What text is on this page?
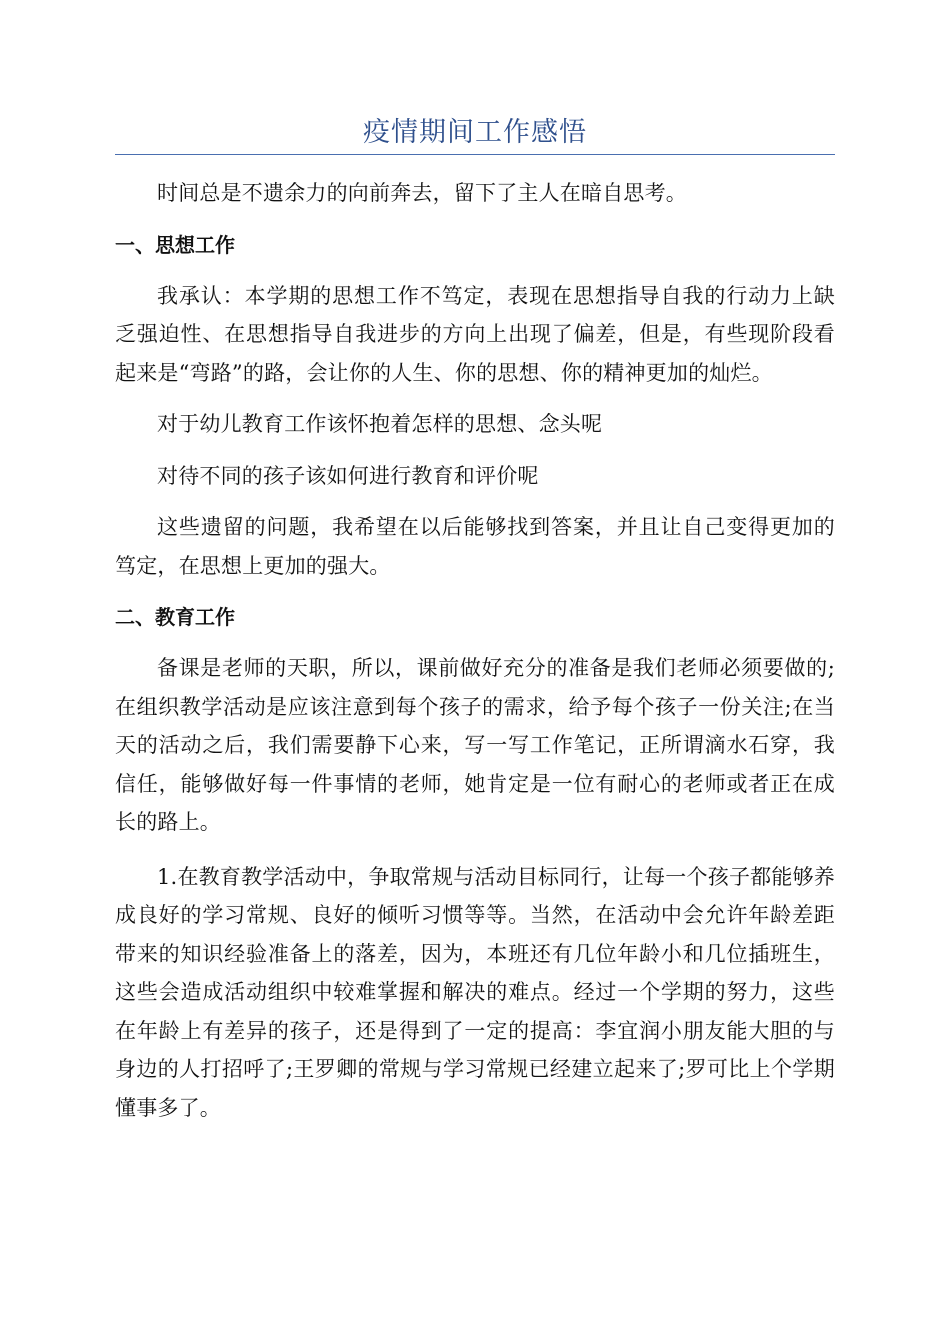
疫情期间工作感悟

时间总是不遗余力的向前奔去，留下了主人在暗自思考。

一、思想工作

我承认：本学期的思想工作不笃定，表现在思想指导自我的行动力上缺乏强迫性、在思想指导自我进步的方向上出现了偏差，但是，有些现阶段看起来是“弯路”的路，会让你的人生、你的思想、你的精神更加的灿烂。

对于幼儿教育工作该怀抱着怎样的思想、念头呢

对待不同的孩子该如何进行教育和评价呢

这些遗留的问题，我希望在以后能够找到答案，并且让自己变得更加的笃定，在思想上更加的强大。

二、教育工作

备课是老师的天职，所以，课前做好充分的准备是我们老师必须要做的;在组织教学活动是应该注意到每个孩子的需求，给予每个孩子一份关注;在当天的活动之后，我们需要静下心来，写一写工作笔记，正所谓滴水石穿，我信任，能够做好每一件事情的老师，她肯定是一位有耐心的老师或者正在成长的路上。

1.在教育教学活动中，争取常规与活动目标同行，让每一个孩子都能够养成良好的学习常规、良好的倾听习惯等等。当然，在活动中会允许年龄差距带来的知识经验准备上的落差，因为，本班还有几位年龄小和几位插班生，这些会造成活动组织中较难掌握和解决的难点。经过一个学期的努力，这些在年龄上有差异的孩子，还是得到了一定的提高：李宜润小朋友能大胆的与身边的人打招呼了;王罗卿的常规与学习常规已经建立起来了;罗可比上个学期懂事多了。
